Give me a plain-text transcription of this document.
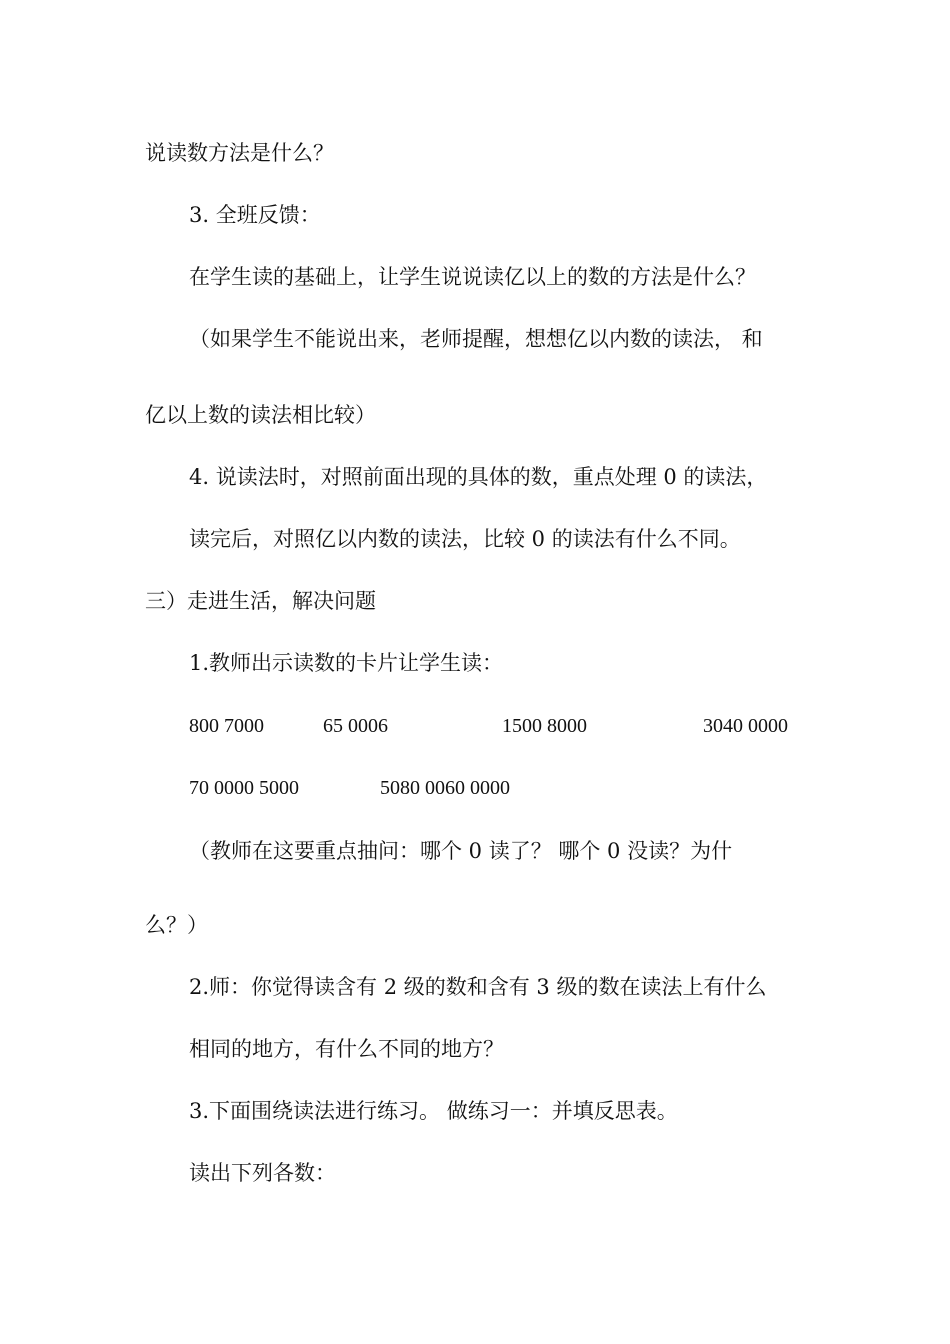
说读数方法是什么？
3. 全班反馈：
在学生读的基础上，让学生说说读亿以上的数的方法是什么？
（如果学生不能说出来，老师提醒，想想亿以内数的读法， 和
亿以上数的读法相比较）
4. 说读法时，对照前面出现的具体的数，重点处理 0 的读法，
读完后，对照亿以内数的读法，比较 0 的读法有什么不同。
三）走进生活，解决问题
1.教师出示读数的卡片让学生读：
800 7000	65 0006	1500 8000	3040 0000
70 0000 5000	5080 0060 0000
（教师在这要重点抽问：哪个 0 读了？ 哪个 0 没读？为什
么？）
2.师：你觉得读含有 2 级的数和含有 3 级的数在读法上有什么
相同的地方，有什么不同的地方？
3.下面围绕读法进行练习。 做练习一：并填反思表。
读出下列各数：
